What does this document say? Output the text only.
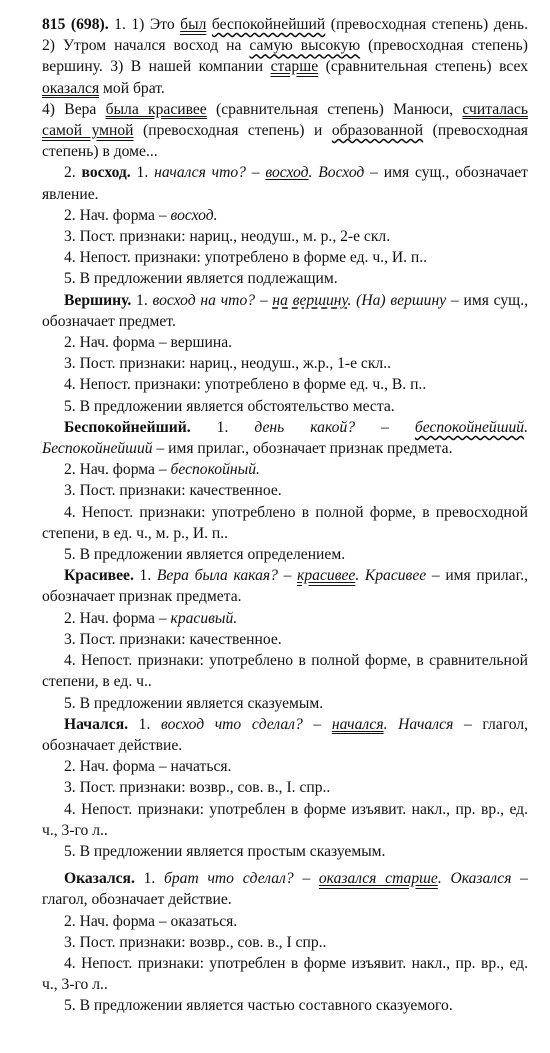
815 (698). 1. 1) Это был беспокойнейший (превосходная степень) день. 2) Утром начался восход на самую высокую (превосходная степень) вершину. 3) В нашей компании старше (сравнительная степень) всех оказался мой брат.

4) Вера была красивее (сравнительная степень) Манюси, считалась самой умной (превосходная степень) и образованной (превосходная степень) в доме...

2. восход. 1. начался что? – восход. Восход – имя сущ., обозначает явление.

2. Нач. форма – восход.

3. Пост. признаки: нариц., неодуш., м. р., 2-е скл.

4. Непост. признаки: употреблено в форме ед. ч., И. п..

5. В предложении является подлежащим.

Вершину. 1. восход на что? – на вершину. (На) вершину – имя сущ., обозначает предмет.

2. Нач. форма – вершина.

3. Пост. признаки: нариц., неодуш., ж.р., 1-е скл..

4. Непост. признаки: употреблено в форме ед. ч., В. п..

5. В предложении является обстоятельство места.

Беспокойнейший. 1. день какой? – беспокойнейший. Беспокойнейший – имя прилаг., обозначает признак предмета.

2. Нач. форма – беспокойный.

3. Пост. признаки: качественное.

4. Непост. признаки: употреблено в полной форме, в превосходной степени, в ед. ч., м. р., И. п..

5. В предложении является определением.

Красивее. 1. Вера была какая? – красивее. Красивее – имя прилаг., обозначает признак предмета.

2. Нач. форма – красивый.

3. Пост. признаки: качественное.

4. Непост. признаки: употреблено в полной форме, в сравнительной степени, в ед. ч..

5. В предложении является сказуемым.

Начался. 1. восход что сделал? – начался. Начался – глагол, обозначает действие.

2. Нач. форма – начаться.

3. Пост. признаки: возвр., сов. в., I. спр..

4. Непост. признаки: употреблен в форме изъявит. накл., пр. вр., ед. ч., 3-го л..

5. В предложении является простым сказуемым.

Оказался. 1. брат что сделал? – оказался старше. Оказался – глагол, обозначает действие.

2. Нач. форма – оказаться.

3. Пост. признаки: возвр., сов. в., I спр..

4. Непост. признаки: употреблен в форме изъявит. накл., пр. вр., ед. ч., 3-го л..

5. В предложении является частью составного сказуемого.
